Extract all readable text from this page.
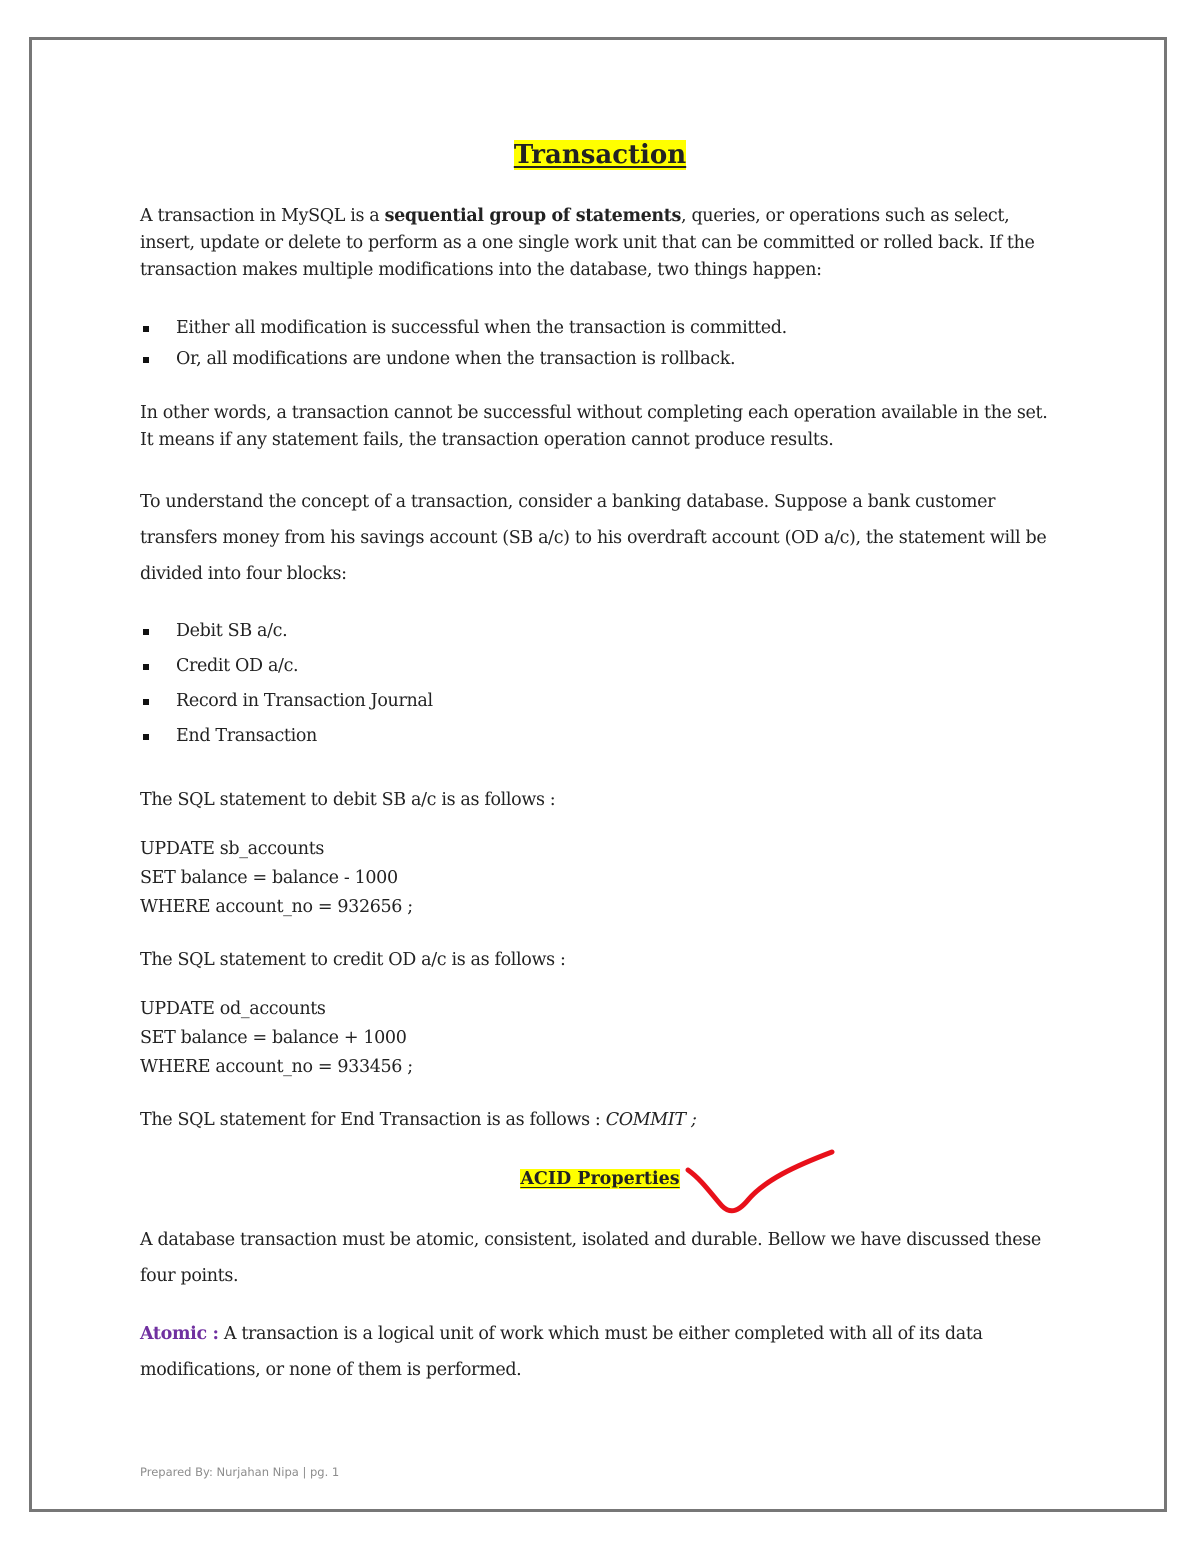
Transaction

A transaction in MySQL is a sequential group of statements, queries, or operations such as select, insert, update or delete to perform as a one single work unit that can be committed or rolled back. If the transaction makes multiple modifications into the database, two things happen:

Either all modification is successful when the transaction is committed.
Or, all modifications are undone when the transaction is rollback.

In other words, a transaction cannot be successful without completing each operation available in the set. It means if any statement fails, the transaction operation cannot produce results.

To understand the concept of a transaction, consider a banking database. Suppose a bank customer transfers money from his savings account (SB a/c) to his overdraft account (OD a/c), the statement will be divided into four blocks:

Debit SB a/c.
Credit OD a/c.
Record in Transaction Journal
End Transaction

The SQL statement to debit SB a/c is as follows :

UPDATE sb_accounts
SET balance = balance - 1000
WHERE account_no = 932656 ;

The SQL statement to credit OD a/c is as follows :

UPDATE od_accounts
SET balance = balance + 1000
WHERE account_no = 933456 ;

The SQL statement for End Transaction is as follows : COMMIT ;

ACID Properties

A database transaction must be atomic, consistent, isolated and durable. Bellow we have discussed these four points.

Atomic : A transaction is a logical unit of work which must be either completed with all of its data modifications, or none of them is performed.

Prepared By: Nurjahan Nipa | pg. 1
